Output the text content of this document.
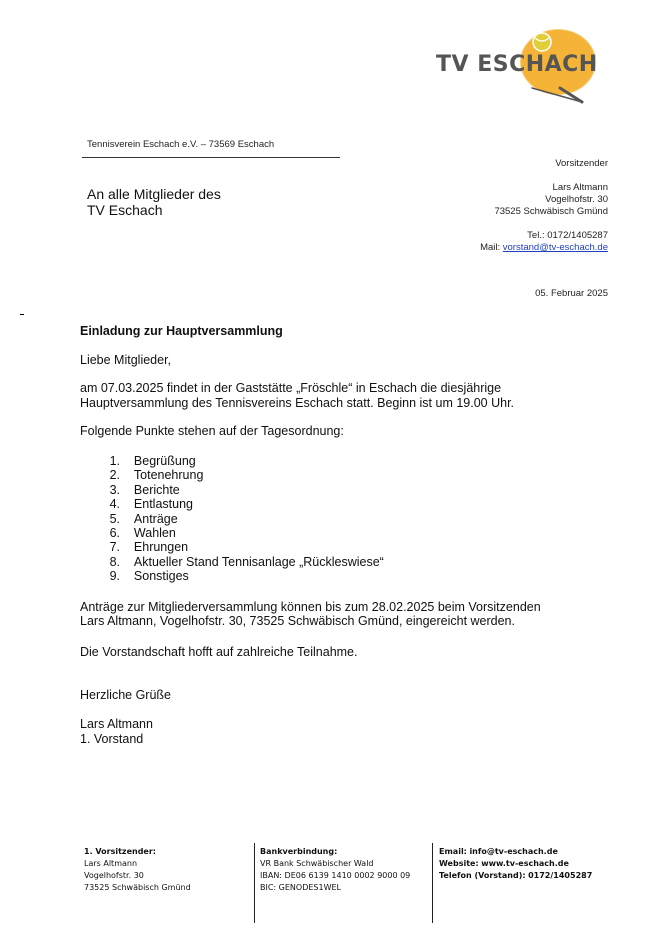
TV ESCHACH
Tennisverein Eschach e.V. – 73569 Eschach
An alle Mitglieder des
TV Eschach
Vorsitzender
Lars Altmann
Vogelhofstr. 30
73525 Schwäbisch Gmünd
Tel.: 0172/1405287
Mail: vorstand@tv-eschach.de
05. Februar 2025

Einladung zur Hauptversammlung

Liebe Mitglieder,

am 07.03.2025 findet in der Gaststätte „Fröschle“ in Eschach die diesjährige
Hauptversammlung des Tennisvereins Eschach statt. Beginn ist um 19.00 Uhr.

Folgende Punkte stehen auf der Tagesordnung:

1.
Begrüßung
2.
Totenehrung
3.
Berichte
4.
Entlastung
5.
Anträge
6.
Wahlen
7.
Ehrungen
8.
Aktueller Stand Tennisanlage „Rückleswiese“
9.
Sonstiges

Anträge zur Mitgliederversammlung können bis zum 28.02.2025 beim Vorsitzenden
Lars Altmann, Vogelhofstr. 30, 73525 Schwäbisch Gmünd, eingereicht werden.

Die Vorstandschaft hofft auf zahlreiche Teilnahme.

Herzliche Grüße

Lars Altmann

1. Vorstand

1. Vorsitzender:
Lars Altmann
Vogelhofstr. 30
73525 Schwäbisch Gmünd
Bankverbindung:
VR Bank Schwäbischer Wald
IBAN: DE06 6139 1410 0002 9000 09
BIC: GENODES1WEL
Email: info@tv-eschach.de
Website: www.tv-eschach.de
Telefon (Vorstand): 0172/1405287
